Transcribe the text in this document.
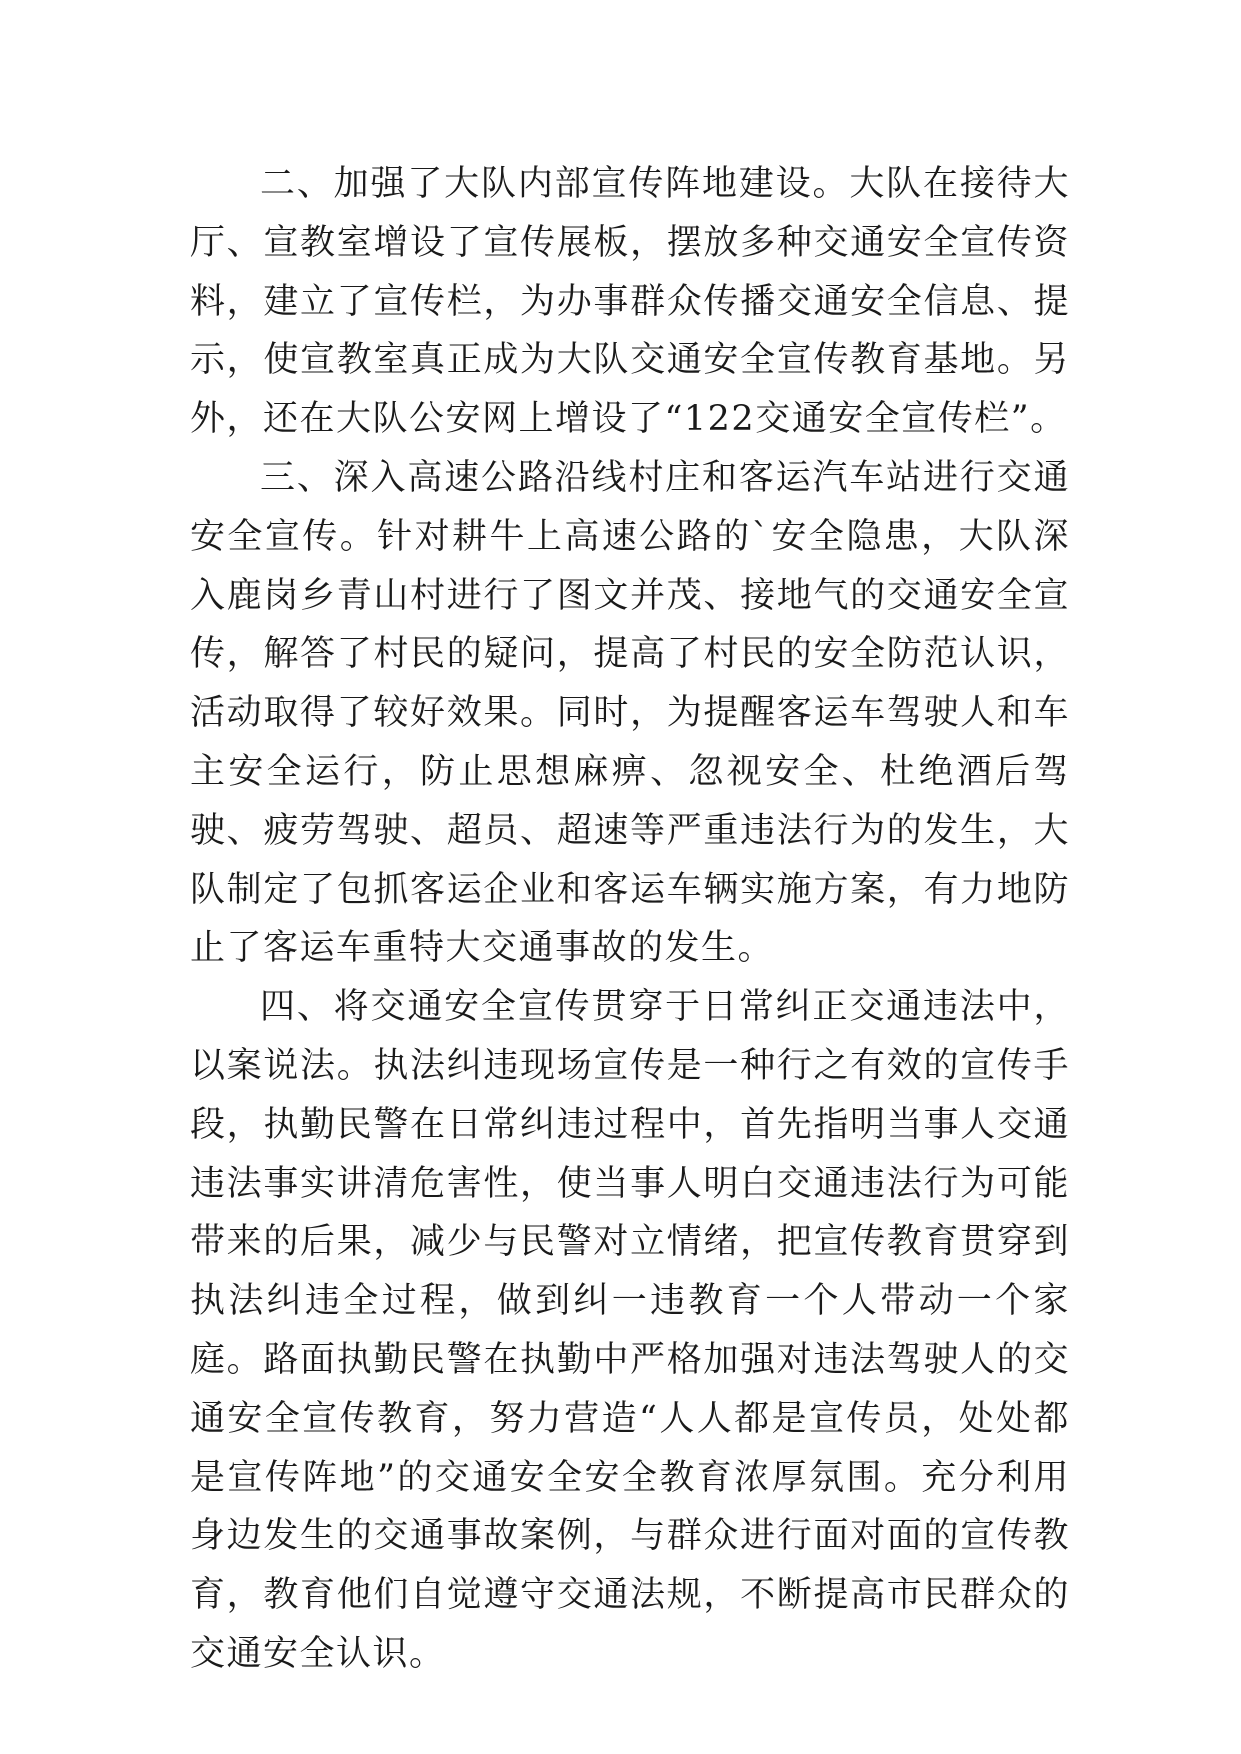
二、加强了大队内部宣传阵地建设。大队在接待大厅、宣教室增设了宣传展板，摆放多种交通安全宣传资料，建立了宣传栏，为办事群众传播交通安全信息、提示，使宣教室真正成为大队交通安全宣传教育基地。另外，还在大队公安网上增设了“122交通安全宣传栏”。

三、深入高速公路沿线村庄和客运汽车站进行交通安全宣传。针对耕牛上高速公路的`安全隐患，大队深入鹿岗乡青山村进行了图文并茂、接地气的交通安全宣传，解答了村民的疑问，提高了村民的安全防范认识，活动取得了较好效果。同时，为提醒客运车驾驶人和车主安全运行，防止思想麻痹、忽视安全、杜绝酒后驾驶、疲劳驾驶、超员、超速等严重违法行为的发生，大队制定了包抓客运企业和客运车辆实施方案，有力地防止了客运车重特大交通事故的发生。

四、将交通安全宣传贯穿于日常纠正交通违法中，以案说法。执法纠违现场宣传是一种行之有效的宣传手段，执勤民警在日常纠违过程中，首先指明当事人交通违法事实讲清危害性，使当事人明白交通违法行为可能带来的后果，减少与民警对立情绪，把宣传教育贯穿到执法纠违全过程，做到纠一违教育一个人带动一个家庭。路面执勤民警在执勤中严格加强对违法驾驶人的交通安全宣传教育，努力营造“人人都是宣传员，处处都是宣传阵地”的交通安全安全教育浓厚氛围。充分利用身边发生的交通事故案例，与群众进行面对面的宣传教育，教育他们自觉遵守交通法规，不断提高市民群众的交通安全认识。
